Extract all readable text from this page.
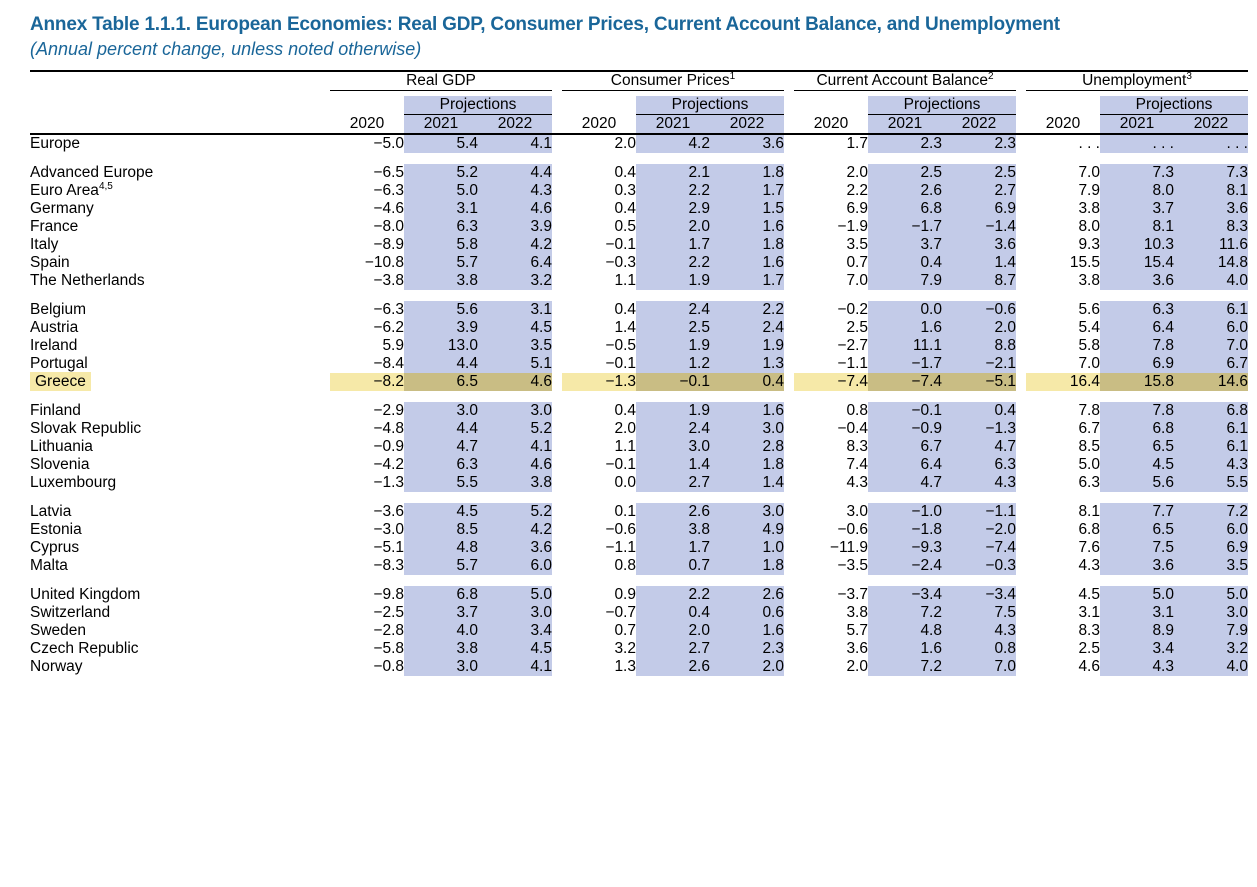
Annex Table 1.1.1. European Economies: Real GDP, Consumer Prices, Current Account Balance, and Unemployment
(Annual percent change, unless noted otherwise)

	Real GDP				Consumer Prices$^1$				Current Account Balance$^2$				Unemployment$^3$

		Projections				Projections				Projections				Projections	
	2020	2021	2022		2020	2021	2022		2020	2021	2022		2020	2021	2022
Europe	−5.0	5.4	4.1		2.0	4.2	3.6		1.7	2.3	2.3		. . .	. . .	. . .

Advanced Europe	−6.5	5.2	4.4		0.4	2.1	1.8		2.0	2.5	2.5		7.0	7.3	7.3
Euro Area$^{4,5}$	−6.3	5.0	4.3		0.3	2.2	1.7		2.2	2.6	2.7		7.9	8.0	8.1
Germany	−4.6	3.1	4.6		0.4	2.9	1.5		6.9	6.8	6.9		3.8	3.7	3.6
France	−8.0	6.3	3.9		0.5	2.0	1.6		−1.9	−1.7	−1.4		8.0	8.1	8.3
Italy	−8.9	5.8	4.2		−0.1	1.7	1.8		3.5	3.7	3.6		9.3	10.3	11.6
Spain	−10.8	5.7	6.4		−0.3	2.2	1.6		0.7	0.4	1.4		15.5	15.4	14.8
The Netherlands	−3.8	3.8	3.2		1.1	1.9	1.7		7.0	7.9	8.7		3.8	3.6	4.0

Belgium	−6.3	5.6	3.1		0.4	2.4	2.2		−0.2	0.0	−0.6		5.6	6.3	6.1
Austria	−6.2	3.9	4.5		1.4	2.5	2.4		2.5	1.6	2.0		5.4	6.4	6.0
Ireland	5.9	13.0	3.5		−0.5	1.9	1.9		−2.7	11.1	8.8		5.8	7.8	7.0
Portugal	−8.4	4.4	5.1		−0.1	1.2	1.3		−1.1	−1.7	−2.1		7.0	6.9	6.7
Greece	−8.2	6.5	4.6		−1.3	−0.1	0.4		−7.4	−7.4	−5.1		16.4	15.8	14.6

Finland	−2.9	3.0	3.0		0.4	1.9	1.6		0.8	−0.1	0.4		7.8	7.8	6.8
Slovak Republic	−4.8	4.4	5.2		2.0	2.4	3.0		−0.4	−0.9	−1.3		6.7	6.8	6.1
Lithuania	−0.9	4.7	4.1		1.1	3.0	2.8		8.3	6.7	4.7		8.5	6.5	6.1
Slovenia	−4.2	6.3	4.6		−0.1	1.4	1.8		7.4	6.4	6.3		5.0	4.5	4.3
Luxembourg	−1.3	5.5	3.8		0.0	2.7	1.4		4.3	4.7	4.3		6.3	5.6	5.5

Latvia	−3.6	4.5	5.2		0.1	2.6	3.0		3.0	−1.0	−1.1		8.1	7.7	7.2
Estonia	−3.0	8.5	4.2		−0.6	3.8	4.9		−0.6	−1.8	−2.0		6.8	6.5	6.0
Cyprus	−5.1	4.8	3.6		−1.1	1.7	1.0		−11.9	−9.3	−7.4		7.6	7.5	6.9
Malta	−8.3	5.7	6.0		0.8	0.7	1.8		−3.5	−2.4	−0.3		4.3	3.6	3.5

United Kingdom	−9.8	6.8	5.0		0.9	2.2	2.6		−3.7	−3.4	−3.4		4.5	5.0	5.0
Switzerland	−2.5	3.7	3.0		−0.7	0.4	0.6		3.8	7.2	7.5		3.1	3.1	3.0
Sweden	−2.8	4.0	3.4		0.7	2.0	1.6		5.7	4.8	4.3		8.3	8.9	7.9
Czech Republic	−5.8	3.8	4.5		3.2	2.7	2.3		3.6	1.6	0.8		2.5	3.4	3.2
Norway	−0.8	3.0	4.1		1.3	2.6	2.0		2.0	7.2	7.0		4.6	4.3	4.0
